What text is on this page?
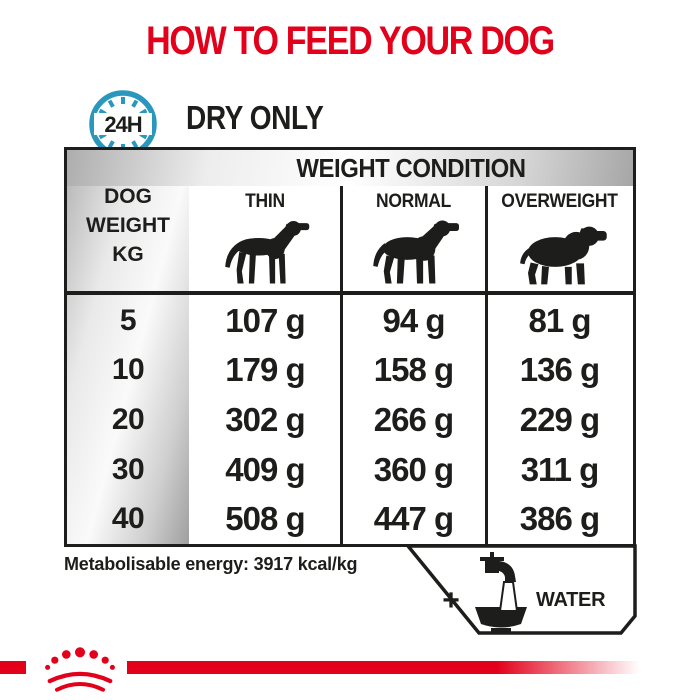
HOW TO FEED YOUR DOG
24H DRY ONLY
WEIGHT CONDITION
DOG
WEIGHT
KG
THIN	NORMAL	OVERWEIGHT
5	107 g	94 g	81 g
10	179 g	158 g	136 g
20	302 g	266 g	229 g
30	409 g	360 g	311 g
40	508 g	447 g	386 g
Metabolisable energy: 3917 kcal/kg
+	WATER
